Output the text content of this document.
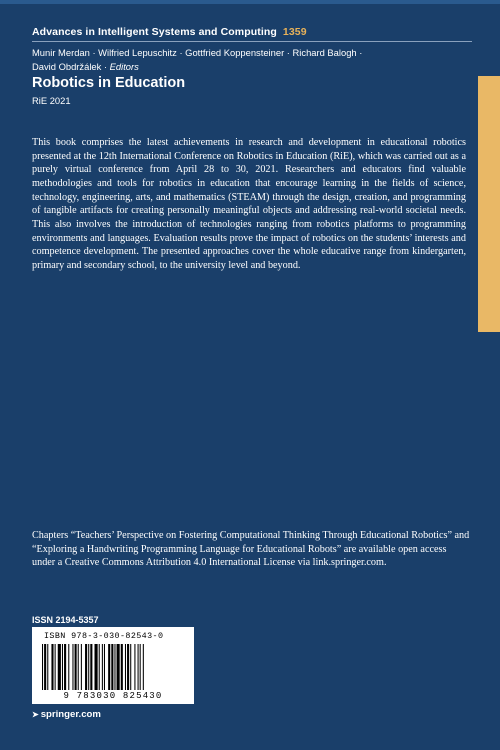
Advances in Intelligent Systems and Computing 1359
Munir Merdan · Wilfried Lepuschitz · Gottfried Koppensteiner · Richard Balogh ·
David Obdržálek · Editors
Robotics in Education
RiE 2021
This book comprises the latest achievements in research and development in educational robotics presented at the 12th International Conference on Robotics in Education (RiE), which was carried out as a purely virtual conference from April 28 to 30, 2021. Researchers and educators find valuable methodologies and tools for robotics in education that encourage learning in the fields of science, technology, engineering, arts, and mathematics (STEAM) through the design, creation, and programming of tangible artifacts for creating personally meaningful objects and addressing real-world societal needs. This also involves the introduction of technologies ranging from robotics platforms to programming environments and languages. Evaluation results prove the impact of robotics on the students’ interests and competence development. The presented approaches cover the whole educative range from kindergarten, primary and secondary school, to the university level and beyond.
Chapters “Teachers’ Perspective on Fostering Computational Thinking Through Educational Robotics” and “Exploring a Handwriting Programming Language for Educational Robots” are available open access under a Creative Commons Attribution 4.0 International License via link.springer.com.
ISSN 2194-5357
ISBN 978-3-030-82543-0
9 783030 825430
➤ springer.com
